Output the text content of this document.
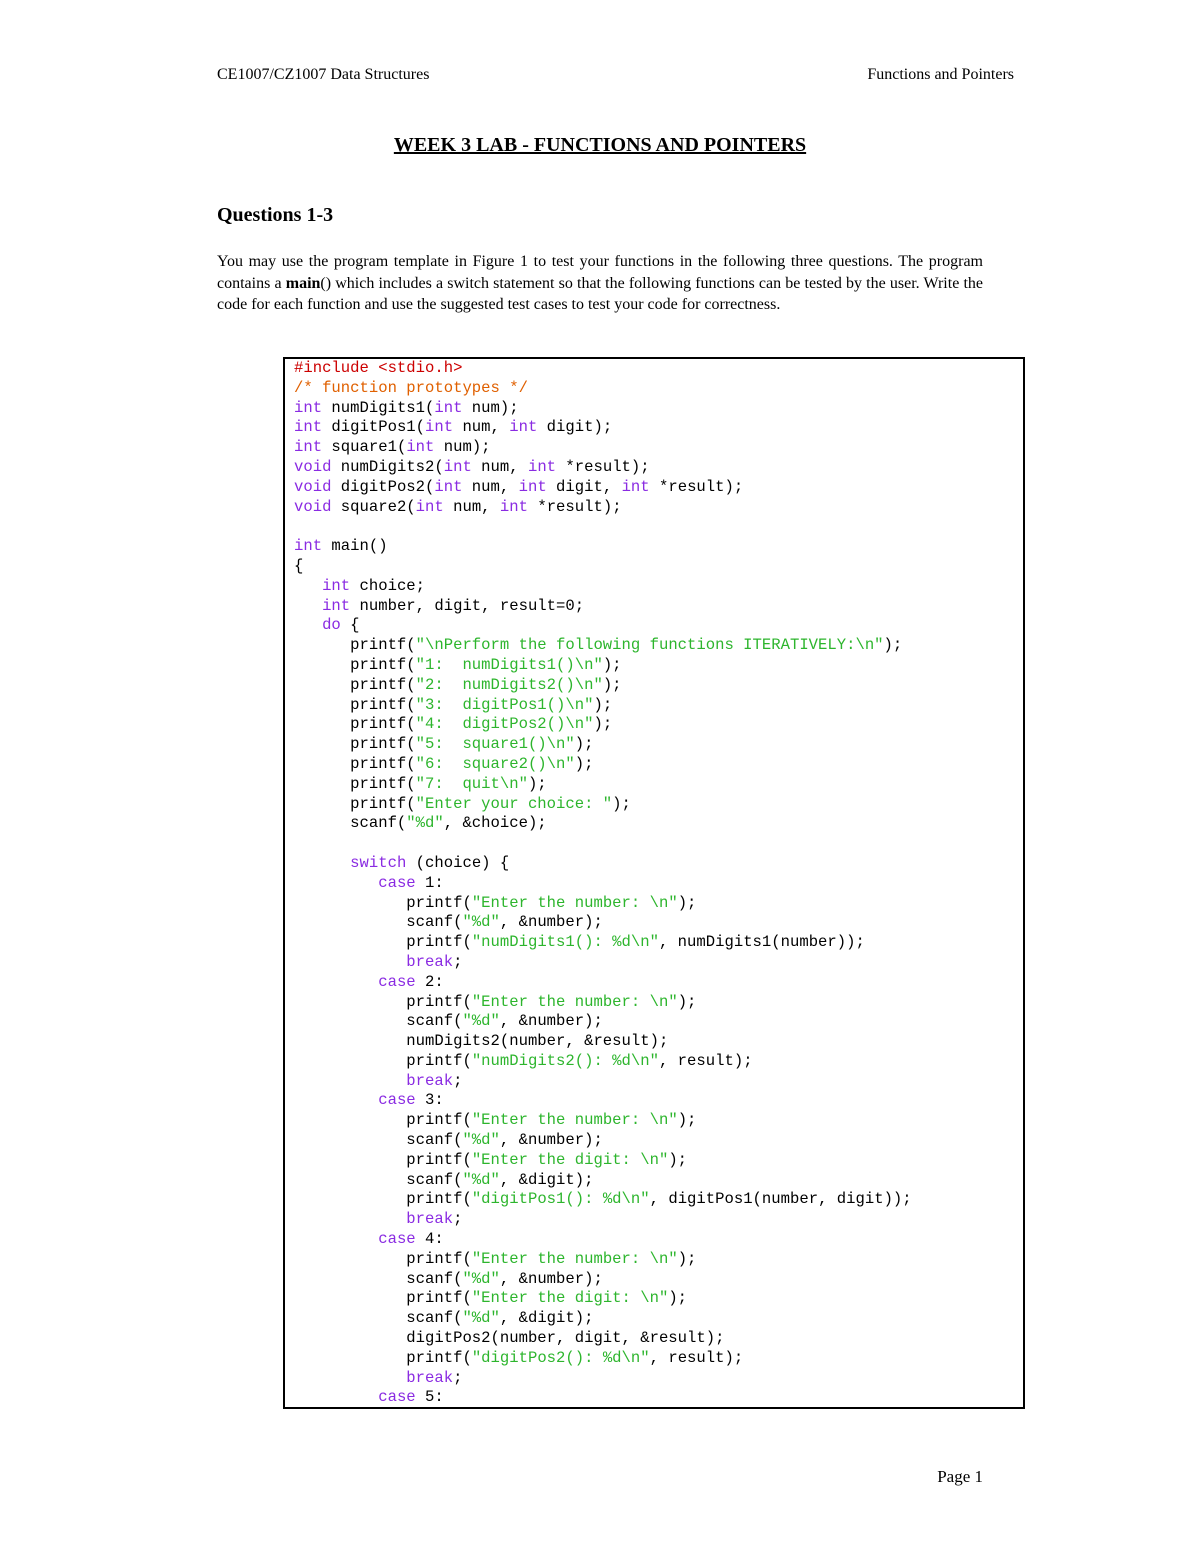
CE1007/CZ1007 Data Structures	Functions and Pointers
WEEK 3 LAB - FUNCTIONS AND POINTERS
Questions 1-3

You may use the program template in Figure 1 to test your functions in the following three questions. The program contains a main() which includes a switch statement so that the following functions can be tested by the user. Write the code for each function and use the suggested test cases to test your code for correctness.

#include <stdio.h>
/* function prototypes */
int numDigits1(int num);
int digitPos1(int num, int digit);
int square1(int num);
void numDigits2(int num, int *result);
void digitPos2(int num, int digit, int *result);
void square2(int num, int *result);
int main()
{
int choice;
int number, digit, result=0;
do {
printf("\nPerform the following functions ITERATIVELY:\n");
printf("1:  numDigits1()\n");
printf("2:  numDigits2()\n");
printf("3:  digitPos1()\n");
printf("4:  digitPos2()\n");
printf("5:  square1()\n");
printf("6:  square2()\n");
printf("7:  quit\n");
printf("Enter your choice: ");
scanf("%d", &choice);
switch (choice) {
case 1:
printf("Enter the number: \n");
scanf("%d", &number);
printf("numDigits1(): %d\n", numDigits1(number));
break;
case 2:
printf("Enter the number: \n");
scanf("%d", &number);
numDigits2(number, &result);
printf("numDigits2(): %d\n", result);
break;
case 3:
printf("Enter the number: \n");
scanf("%d", &number);
printf("Enter the digit: \n");
scanf("%d", &digit);
printf("digitPos1(): %d\n", digitPos1(number, digit));
break;
case 4:
printf("Enter the number: \n");
scanf("%d", &number);
printf("Enter the digit: \n");
scanf("%d", &digit);
digitPos2(number, digit, &result);
printf("digitPos2(): %d\n", result);
break;
case 5:
Page 1
